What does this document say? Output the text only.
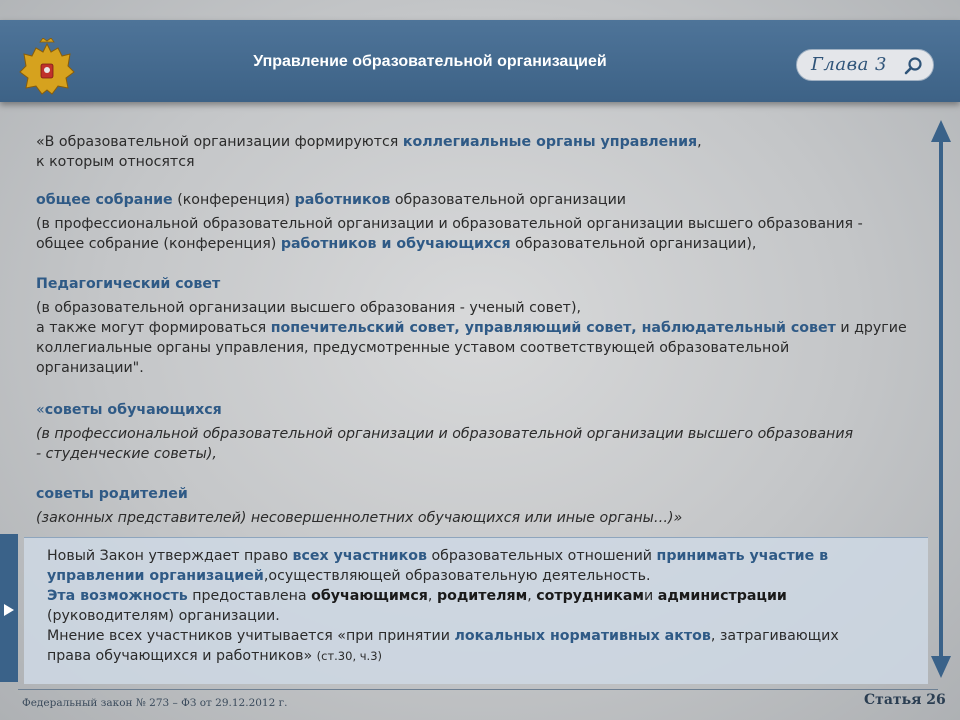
Управление образовательной организацией	Глава 3
«В образовательной организации формируются коллегиальные органы управления,
к которым относятся
общее собрание (конференция) работников образовательной организации
(в профессиональной образовательной организации и образовательной организации высшего образования -
общее собрание (конференция) работников и обучающихся образовательной организации),
Педагогический совет
(в образовательной организации высшего образования - ученый совет),
а также могут формироваться попечительский совет, управляющий совет, наблюдательный совет и другие
коллегиальные органы управления, предусмотренные уставом соответствующей образовательной
организации".
«советы обучающихся
(в профессиональной образовательной организации и образовательной организации высшего образования
- студенческие советы),
советы родителей
(законных представителей) несовершеннолетних обучающихся или иные органы…)»
Новый Закон утверждает право всех участников образовательных отношений принимать участие в
управлении организацией,осуществляющей образовательную деятельность.
Эта возможность предоставлена обучающимся, родителям, сотрудниками администрации
(руководителям) организации.
Мнение всех участников учитывается «при принятии локальных нормативных актов, затрагивающих
права обучающихся и работников» (ст.30, ч.3)
Федеральный закон № 273 – ФЗ от 29.12.2012 г.	Статья 26
